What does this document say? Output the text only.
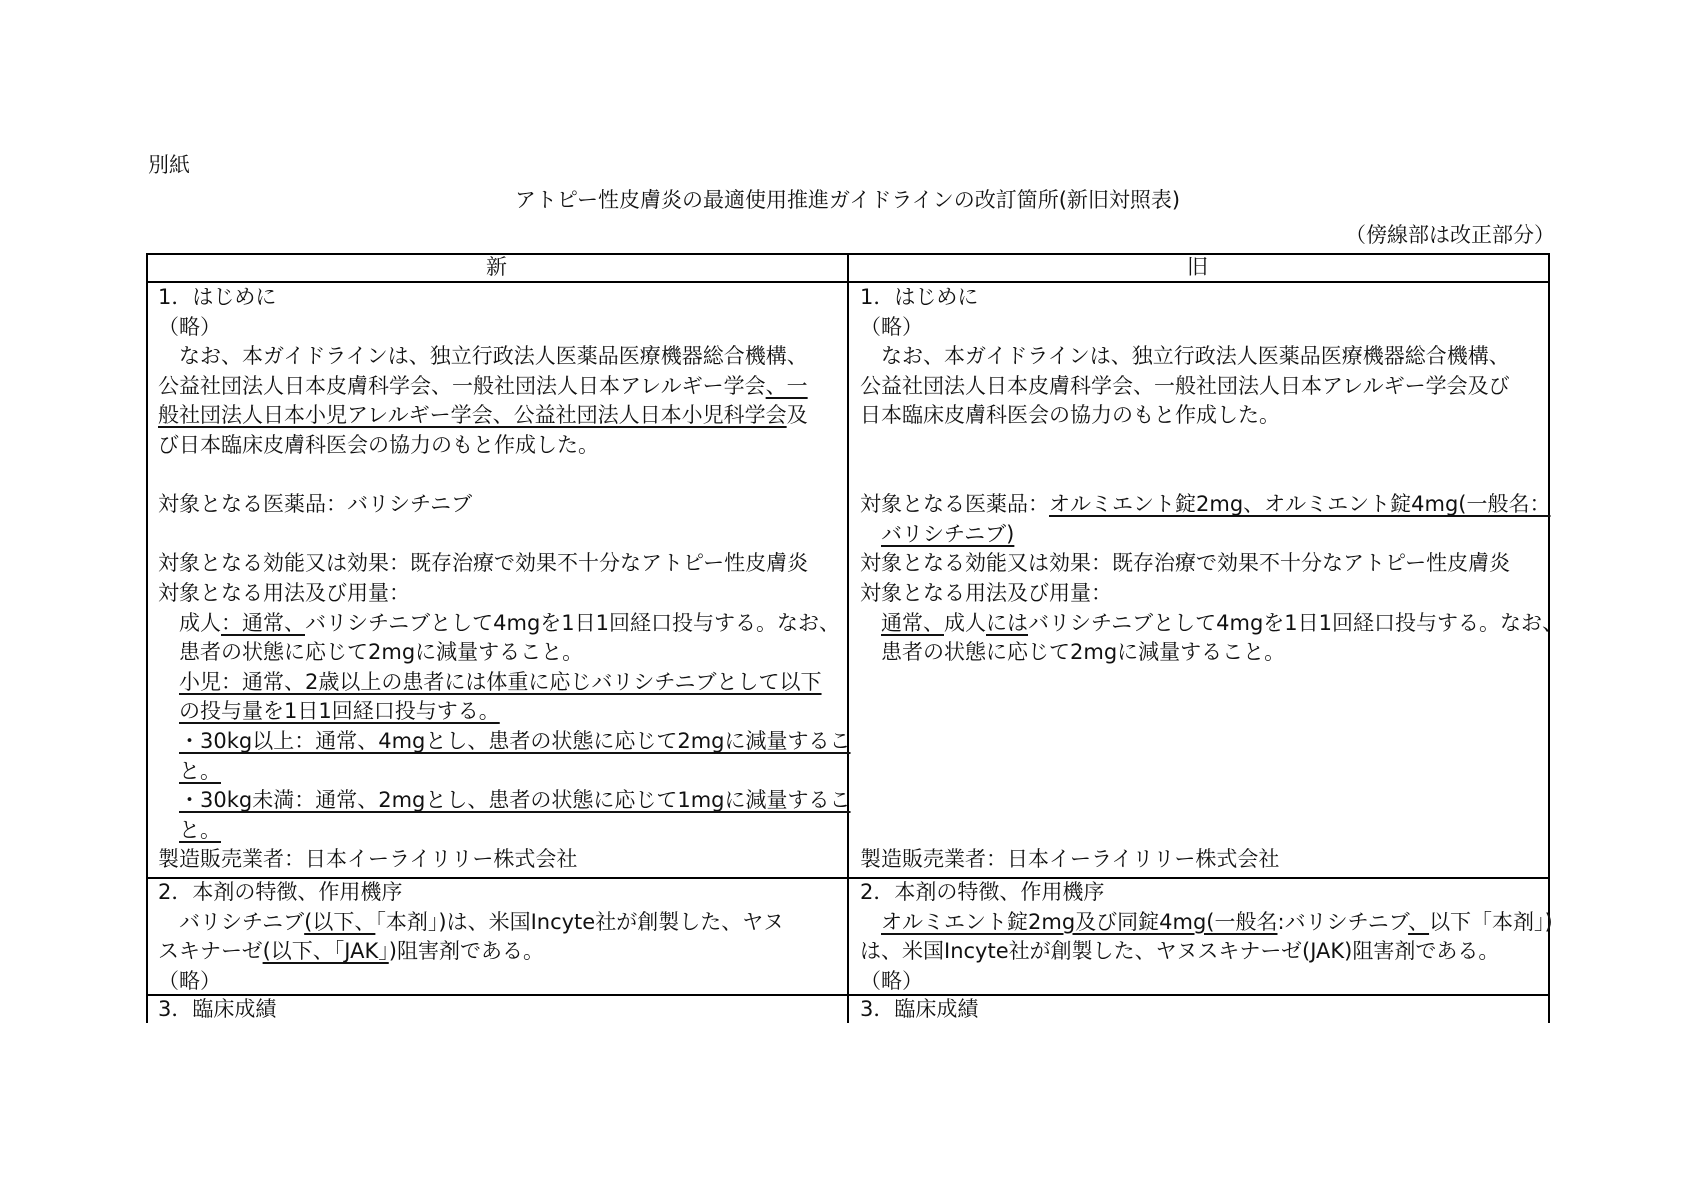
別紙
アトピー性皮膚炎の最適使用推進ガイドラインの改訂箇所(新旧対照表)
（傍線部は改正部分）
新	旧
1．はじめに
（略）
　なお、本ガイドラインは、独立行政法人医薬品医療機器総合機構、
公益社団法人日本皮膚科学会、一般社団法人日本アレルギー学会、一
般社団法人日本小児アレルギー学会、公益社団法人日本小児科学会及
び日本臨床皮膚科医会の協力のもと作成した。
対象となる医薬品：バリシチニブ
対象となる効能又は効果：既存治療で効果不十分なアトピー性皮膚炎
対象となる用法及び用量：
　成人：通常、バリシチニブとして4mgを1日1回経口投与する。なお、
　患者の状態に応じて2mgに減量すること。
　小児：通常、2歳以上の患者には体重に応じバリシチニブとして以下
　の投与量を1日1回経口投与する。
　・30kg以上：通常、4mgとし、患者の状態に応じて2mgに減量するこ
　と。
　・30kg未満：通常、2mgとし、患者の状態に応じて1mgに減量するこ
　と。
製造販売業者：日本イーライリリー株式会社
1．はじめに
（略）
　なお、本ガイドラインは、独立行政法人医薬品医療機器総合機構、
公益社団法人日本皮膚科学会、一般社団法人日本アレルギー学会及び
日本臨床皮膚科医会の協力のもと作成した。
対象となる医薬品：オルミエント錠2mg、オルミエント錠4mg(一般名：
　バリシチニブ)
対象となる効能又は効果：既存治療で効果不十分なアトピー性皮膚炎
対象となる用法及び用量：
　通常、成人にはバリシチニブとして4mgを1日1回経口投与する。なお、
　患者の状態に応じて2mgに減量すること。
製造販売業者：日本イーライリリー株式会社
2．本剤の特徴、作用機序
　バリシチニブ(以下、「本剤」)は、米国Incyte社が創製した、ヤヌ
スキナーゼ(以下、「JAK」)阻害剤である。
（略）
2．本剤の特徴、作用機序
　オルミエント錠2mg及び同錠4mg(一般名:バリシチニブ、以下「本剤」)
は、米国Incyte社が創製した、ヤヌスキナーゼ(JAK)阻害剤である。
（略）
3．臨床成績	3．臨床成績
